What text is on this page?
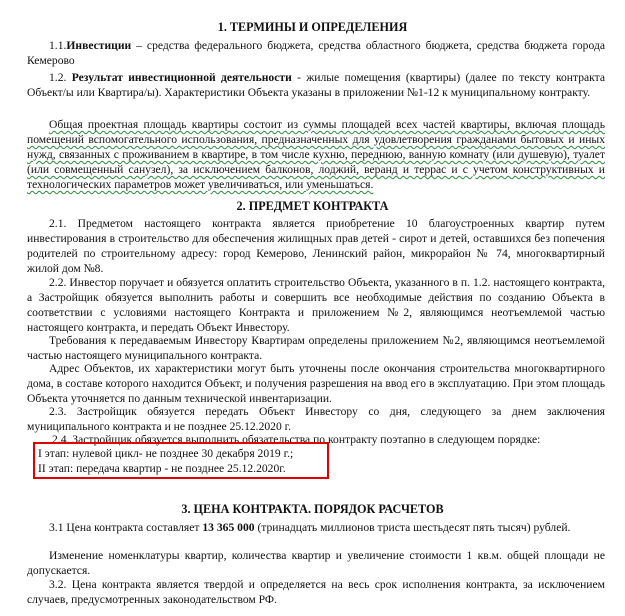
1. ТЕРМИНЫ И ОПРЕДЕЛЕНИЯ
1.1.Инвестиции – средства федерального бюджета, средства областного бюджета, средства бюджета города Кемерово
1.2. Результат инвестиционной деятельности - жилые помещения (квартиры) (далее по тексту контракта Объект/ы или Квартира/ы). Характеристики Объекта указаны в приложении №1-12 к муниципальному контракту.
Общая проектная площадь квартиры состоит из суммы площадей всех частей квартиры, включая площадь помещений вспомогательного использования, предназначенных для удовлетворения гражданами бытовых и иных нужд, связанных с проживанием в квартире, в том числе кухню, переднюю, ванную комнату (или душевую), туалет (или совмещенный санузел), за исключением балконов, лоджий, веранд и террас и с учетом конструктивных и технологических параметров может увеличиваться, или уменьшаться.
2. ПРЕДМЕТ КОНТРАКТА
2.1. Предметом настоящего контракта является приобретение 10 благоустроенных квартир путем инвестирования в строительство для обеспечения жилищных прав детей - сирот и детей, оставшихся без попечения родителей по строительному адресу: город Кемерово, Ленинский район, микрорайон № 74, многоквартирный жилой дом №8.
2.2. Инвестор поручает и обязуется оплатить строительство Объекта, указанного в п. 1.2. настоящего контракта, а Застройщик обязуется выполнить работы и совершить все необходимые действия по созданию Объекта в соответствии с условиями настоящего Контракта и приложением №2, являющимся неотъемлемой частью настоящего контракта, и передать Объект Инвестору.
Требования к передаваемым Инвестору Квартирам определены приложением №2, являющимся неотъемлемой частью настоящего муниципального контракта.
Адрес Объектов, их характеристики могут быть уточнены после окончания строительства многоквартирного дома, в составе которого находится Объект, и получения разрешения на ввод его в эксплуатацию. При этом площадь Объекта уточняется по данным технической инвентаризации.
2.3. Застройщик обязуется передать Объект Инвестору со дня, следующего за днем заключения муниципального контракта и не позднее 25.12.2020 г.
2.4. Застройщик обязуется выполнить обязательства по контракту поэтапно в следующем порядке:
I этап: нулевой цикл- не позднее 30 декабря 2019 г.;
II этап: передача квартир - не позднее 25.12.2020г.
3. ЦЕНА КОНТРАКТА. ПОРЯДОК РАСЧЕТОВ
3.1 Цена контракта составляет 13 365 000 (тринадцать миллионов триста шестьдесят пять тысяч) рублей.
Изменение номенклатуры квартир, количества квартир и увеличение стоимости 1 кв.м. общей площади не допускается.
3.2. Цена контракта является твердой и определяется на весь срок исполнения контракта, за исключением случаев, предусмотренных законодательством РФ.
